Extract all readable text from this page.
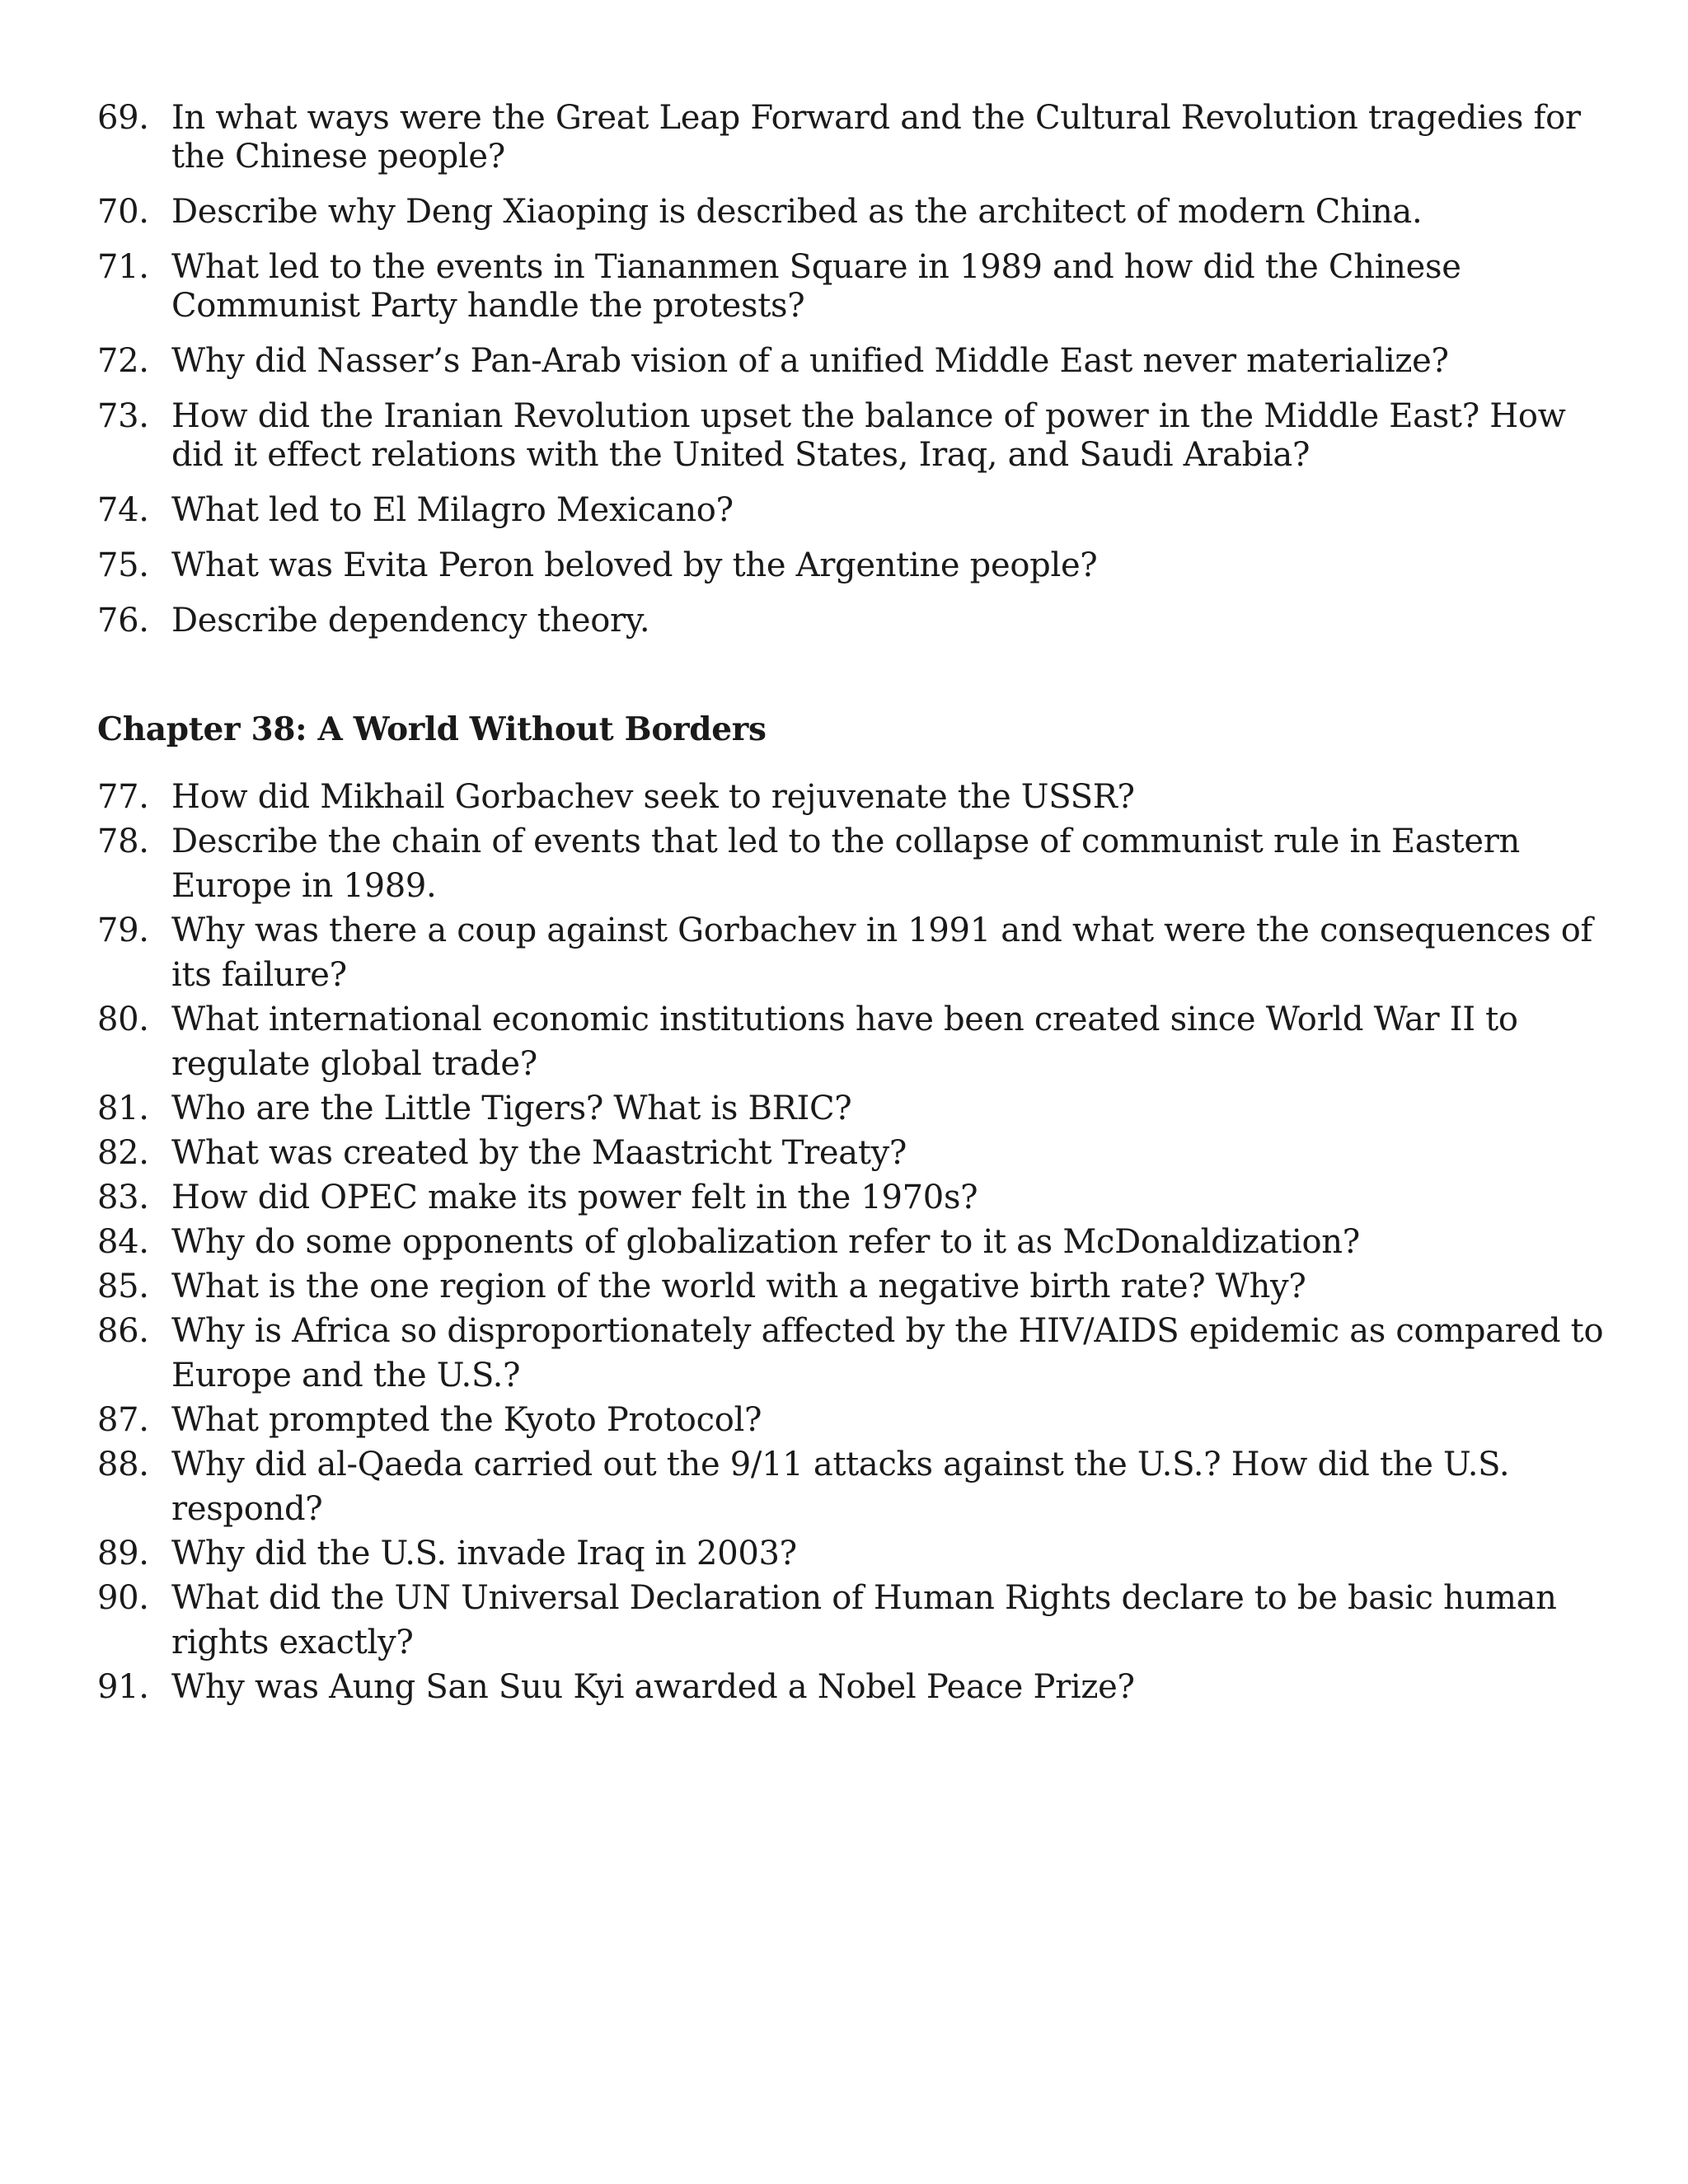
69. In what ways were the Great Leap Forward and the Cultural Revolution tragedies for the Chinese people?
70. Describe why Deng Xiaoping is described as the architect of modern China.
71. What led to the events in Tiananmen Square in 1989 and how did the Chinese Communist Party handle the protests?
72. Why did Nasser’s Pan-Arab vision of a unified Middle East never materialize?
73. How did the Iranian Revolution upset the balance of power in the Middle East? How did it effect relations with the United States, Iraq, and Saudi Arabia?
74. What led to El Milagro Mexicano?
75. What was Evita Peron beloved by the Argentine people?
76. Describe dependency theory.
Chapter 38: A World Without Borders
77. How did Mikhail Gorbachev seek to rejuvenate the USSR?
78. Describe the chain of events that led to the collapse of communist rule in Eastern Europe in 1989.
79. Why was there a coup against Gorbachev in 1991 and what were the consequences of its failure?
80. What international economic institutions have been created since World War II to regulate global trade?
81. Who are the Little Tigers? What is BRIC?
82. What was created by the Maastricht Treaty?
83. How did OPEC make its power felt in the 1970s?
84. Why do some opponents of globalization refer to it as McDonaldization?
85. What is the one region of the world with a negative birth rate? Why?
86. Why is Africa so disproportionately affected by the HIV/AIDS epidemic as compared to Europe and the U.S.?
87. What prompted the Kyoto Protocol?
88. Why did al-Qaeda carried out the 9/11 attacks against the U.S.? How did the U.S. respond?
89. Why did the U.S. invade Iraq in 2003?
90. What did the UN Universal Declaration of Human Rights declare to be basic human rights exactly?
91. Why was Aung San Suu Kyi awarded a Nobel Peace Prize?
